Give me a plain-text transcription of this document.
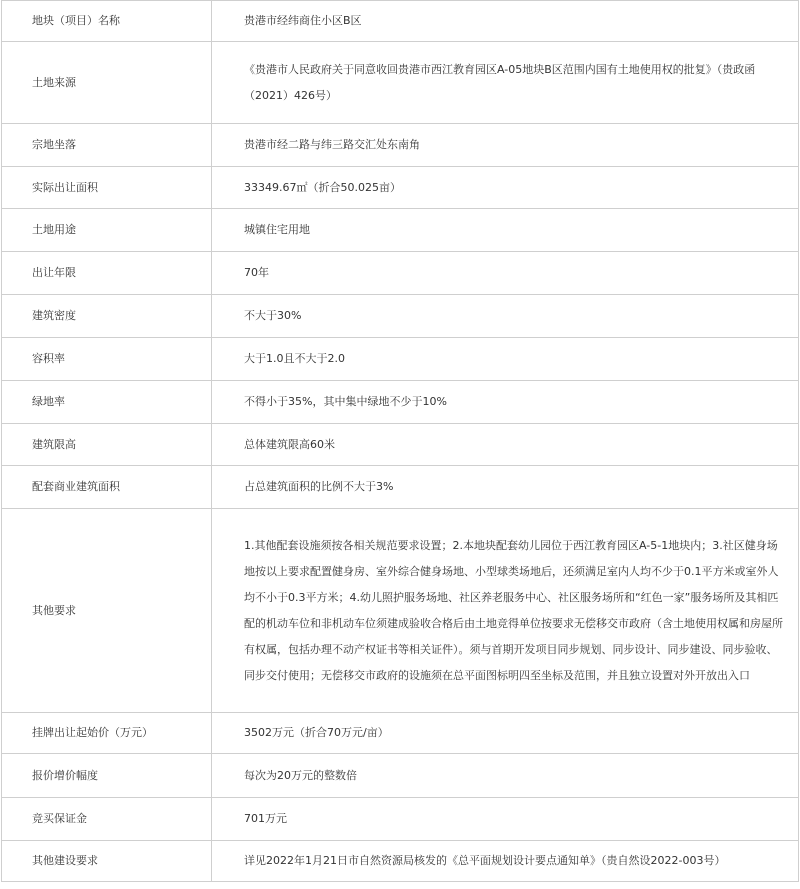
地块（项目）名称	贵港市经纬商住小区B区
土地来源	《贵港市人民政府关于同意收回贵港市西江教育园区A-05地块B区范围内国有土地使用权的批复》（贵政函（2021）426号）
宗地坐落	贵港市经二路与纬三路交汇处东南角
实际出让面积	33349.67㎡（折合50.025亩）
土地用途	城镇住宅用地
出让年限	70年
建筑密度	不大于30%
容积率	大于1.0且不大于2.0
绿地率	不得小于35%，其中集中绿地不少于10%
建筑限高	总体建筑限高60米
配套商业建筑面积	占总建筑面积的比例不大于3%
其他要求	1.其他配套设施须按各相关规范要求设置；2.本地块配套幼儿园位于西江教育园区A-5-1地块内；3.社区健身场地按以上要求配置健身房、室外综合健身场地、小型球类场地后，还须满足室内人均不少于0.1平方米或室外人均不小于0.3平方米；4.幼儿照护服务场地、社区养老服务中心、社区服务场所和“红色一家”服务场所及其相匹配的机动车位和非机动车位须建成验收合格后由土地竞得单位按要求无偿移交市政府（含土地使用权属和房屋所有权属，包括办理不动产权证书等相关证件）。须与首期开发项目同步规划、同步设计、同步建设、同步验收、同步交付使用；无偿移交市政府的设施须在总平面图标明四至坐标及范围，并且独立设置对外开放出入口
挂牌出让起始价（万元）	3502万元（折合70万元/亩）
报价增价幅度	每次为20万元的整数倍
竞买保证金	701万元
其他建设要求	详见2022年1月21日市自然资源局核发的《总平面规划设计要点通知单》（贵自然设2022-003号）
